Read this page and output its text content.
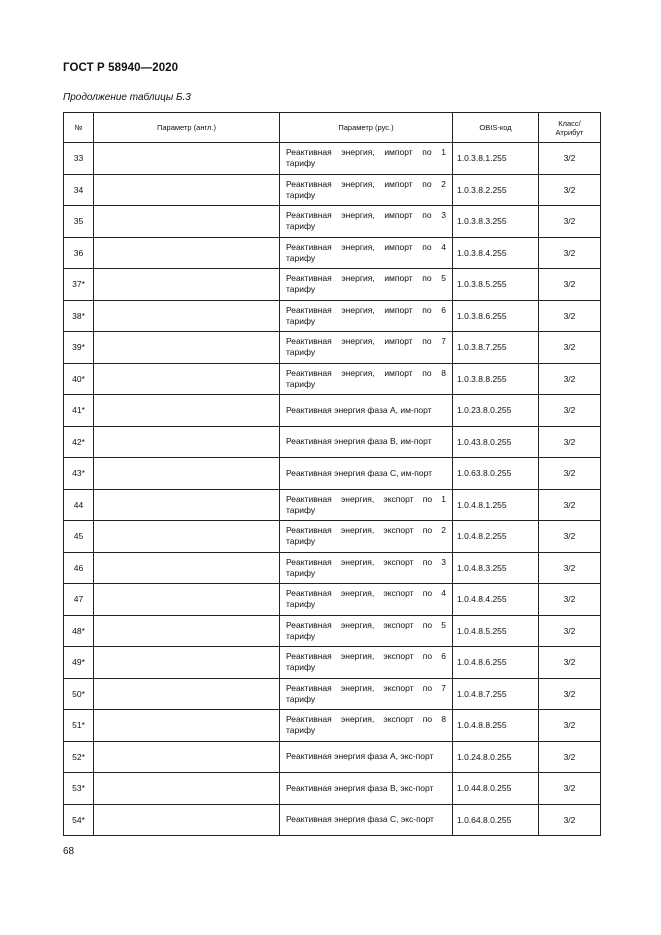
ГОСТ Р 58940—2020
Продолжение таблицы Б.3
№	Параметр (англ.)	Параметр (рус.)	OBIS-код	Класс/ Атрибут
33		Реактивная энергия, импорт по 1 тарифу	1.0.3.8.1.255	3/2
34		Реактивная энергия, импорт по 2 тарифу	1.0.3.8.2.255	3/2
35		Реактивная энергия, импорт по 3 тарифу	1.0.3.8.3.255	3/2
36		Реактивная энергия, импорт по 4 тарифу	1.0.3.8.4.255	3/2
37*		Реактивная энергия, импорт по 5 тарифу	1.0.3.8.5.255	3/2
38*		Реактивная энергия, импорт по 6 тарифу	1.0.3.8.6.255	3/2
39*		Реактивная энергия, импорт по 7 тарифу	1.0.3.8.7.255	3/2
40*		Реактивная энергия, импорт по 8 тарифу	1.0.3.8.8.255	3/2
41*		Реактивная энергия фаза А, им-порт	1.0.23.8.0.255	3/2
42*		Реактивная энергия фаза В, им-порт	1.0.43.8.0.255	3/2
43*		Реактивная энергия фаза С, им-порт	1.0.63.8.0.255	3/2
44		Реактивная энергия, экспорт по 1 тарифу	1.0.4.8.1.255	3/2
45		Реактивная энергия, экспорт по 2 тарифу	1.0.4.8.2.255	3/2
46		Реактивная энергия, экспорт по 3 тарифу	1.0.4.8.3.255	3/2
47		Реактивная энергия, экспорт по 4 тарифу	1.0.4.8.4.255	3/2
48*		Реактивная энергия, экспорт по 5 тарифу	1.0.4.8.5.255	3/2
49*		Реактивная энергия, экспорт по 6 тарифу	1.0.4.8.6.255	3/2
50*		Реактивная энергия, экспорт по 7 тарифу	1.0.4.8.7.255	3/2
51*		Реактивная энергия, экспорт по 8 тарифу	1.0.4.8.8.255	3/2
52*		Реактивная энергия фаза А, экс-порт	1.0.24.8.0.255	3/2
53*		Реактивная энергия фаза В, экс-порт	1.0.44.8.0.255	3/2
54*		Реактивная энергия фаза С, экс-порт	1.0.64.8.0.255	3/2
68
